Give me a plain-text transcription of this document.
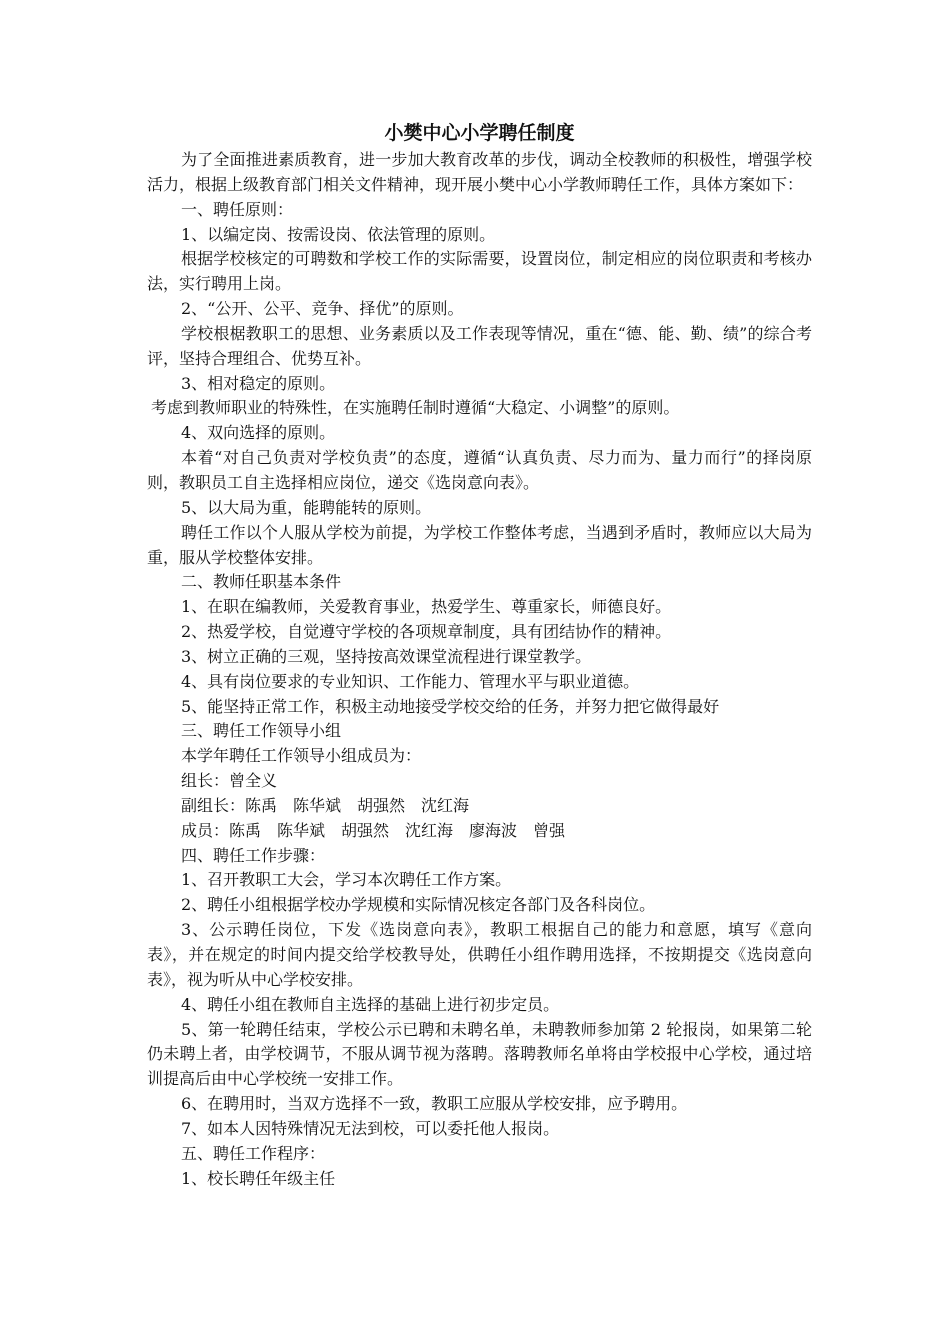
小樊中心小学聘任制度

为了全面推进素质教育，进一步加大教育改革的步伐，调动全校教师的积极性，增强学校活力，根据上级教育部门相关文件精神，现开展小樊中心小学教师聘任工作，具体方案如下：

一、聘任原则：

1、以编定岗、按需设岗、依法管理的原则。

根据学校核定的可聘数和学校工作的实际需要，设置岗位，制定相应的岗位职责和考核办法，实行聘用上岗。

2、“公开、公平、竞争、择优”的原则。

学校根椐教职工的思想、业务素质以及工作表现等情况，重在“德、能、勤、绩”的综合考评，坚持合理组合、优势互补。

3、相对稳定的原则。

考虑到教师职业的特殊性，在实施聘任制时遵循“大稳定、小调整”的原则。

4、双向选择的原则。

本着“对自己负责对学校负责”的态度，遵循“认真负责、尽力而为、量力而行”的择岗原则，教职员工自主选择相应岗位，递交《选岗意向表》。

5、以大局为重，能聘能转的原则。

聘任工作以个人服从学校为前提，为学校工作整体考虑，当遇到矛盾时，教师应以大局为重，服从学校整体安排。

二、教师任职基本条件

1、在职在编教师，关爱教育事业，热爱学生、尊重家长，师德良好。

2、热爱学校，自觉遵守学校的各项规章制度，具有团结协作的精神。

3、树立正确的三观，坚持按高效课堂流程进行课堂教学。

4、具有岗位要求的专业知识、工作能力、管理水平与职业道德。

5、能坚持正常工作，积极主动地接受学校交给的任务，并努力把它做得最好

三、聘任工作领导小组

本学年聘任工作领导小组成员为：

组长：曾全义

副组长：陈禹　陈华斌　胡强然　沈红海

成员：陈禹　陈华斌　胡强然　沈红海　廖海波　曾强

四、聘任工作步骤：

1、召开教职工大会，学习本次聘任工作方案。

2、聘任小组根据学校办学规模和实际情况核定各部门及各科岗位。

3、公示聘任岗位，下发《选岗意向表》，教职工根据自己的能力和意愿，填写《意向表》，并在规定的时间内提交给学校教导处，供聘任小组作聘用选择，不按期提交《选岗意向表》，视为听从中心学校安排。

4、聘任小组在教师自主选择的基础上进行初步定员。

5、第一轮聘任结束，学校公示已聘和未聘名单，未聘教师参加第 2 轮报岗，如果第二轮仍未聘上者，由学校调节，不服从调节视为落聘。落聘教师名单将由学校报中心学校，通过培训提高后由中心学校统一安排工作。

6、在聘用时，当双方选择不一致，教职工应服从学校安排，应予聘用。

7、如本人因特殊情况无法到校，可以委托他人报岗。

五、聘任工作程序：

1、校长聘任年级主任
